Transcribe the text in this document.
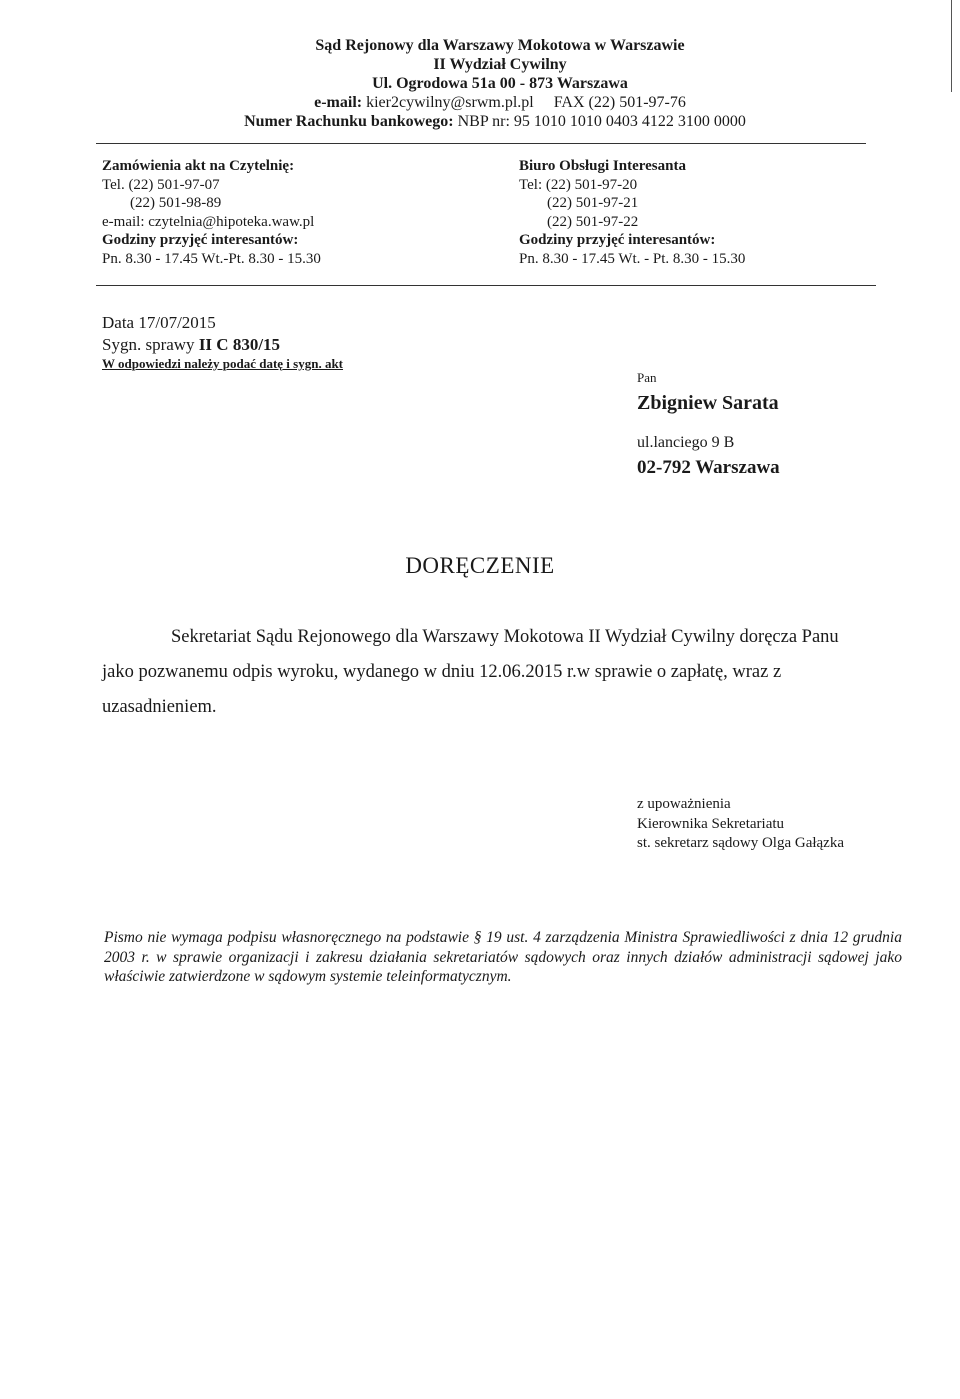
Sąd Rejonowy dla Warszawy Mokotowa w Warszawie
II Wydział Cywilny
Ul. Ogrodowa 51a 00 - 873 Warszawa
e-mail: kier2cywilny@srwm.pl.pl FAX (22) 501-97-76
Numer Rachunku bankowego: NBP nr: 95 1010 1010 0403 4122 3100 0000
Zamówienia akt na Czytelnię:
Tel. (22) 501-97-07
(22) 501-98-89
e-mail: czytelnia@hipoteka.waw.pl
Godziny przyjęć interesantów:
Pn. 8.30 - 17.45 Wt.-Pt. 8.30 - 15.30
Biuro Obsługi Interesanta
Tel: (22) 501-97-20
(22) 501-97-21
(22) 501-97-22
Godziny przyjęć interesantów:
Pn. 8.30 - 17.45 Wt. - Pt. 8.30 - 15.30
Data 17/07/2015
Sygn. sprawy II C 830/15
W odpowiedzi należy podać datę i sygn. akt
Pan
Zbigniew Sarata
ul.lanciego 9 B
02-792 Warszawa
DORĘCZENIE
Sekretariat Sądu Rejonowego dla Warszawy Mokotowa II Wydział Cywilny doręcza Panu
jako pozwanemu odpis wyroku, wydanego w dniu 12.06.2015 r.w sprawie o zapłatę, wraz z
uzasadnieniem.
z upoważnienia
Kierownika Sekretariatu
st. sekretarz sądowy Olga Gałązka
Pismo nie wymaga podpisu własnoręcznego na podstawie § 19 ust. 4 zarządzenia Ministra Sprawiedliwości z dnia 12 grudnia 2003 r. w sprawie organizacji i zakresu działania sekretariatów sądowych oraz innych działów administracji sądowej jako właściwie zatwierdzone w sądowym systemie teleinformatycznym.
